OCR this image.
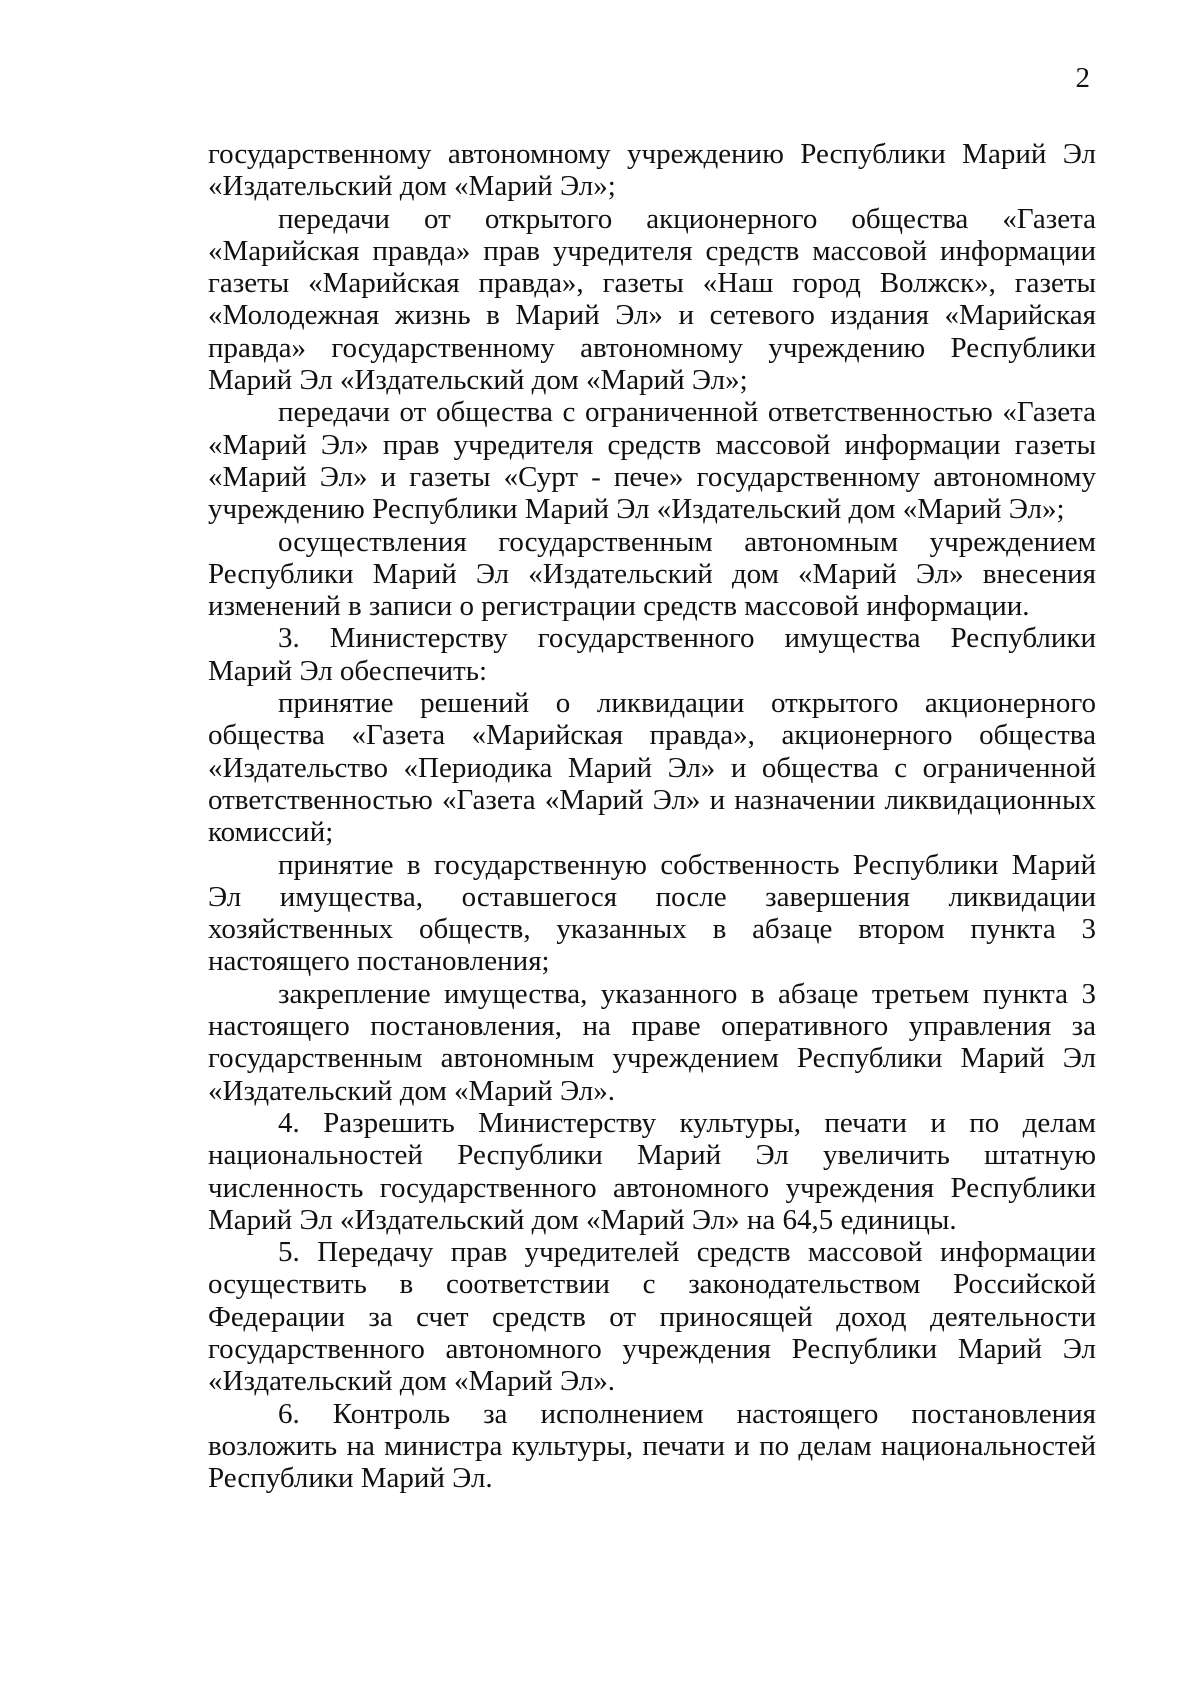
2

государственному автономному учреждению Республики Марий Эл «Издательский дом «Марий Эл»;

передачи от открытого акционерного общества «Газета «Марийская правда» прав учредителя средств массовой информации газеты «Марийская правда», газеты «Наш город Волжск», газеты «Молодежная жизнь в Марий Эл» и сетевого издания «Марийская правда» государственному автономному учреждению Республики Марий Эл «Издательский дом «Марий Эл»;

передачи от общества с ограниченной ответственностью «Газета «Марий Эл» прав учредителя средств массовой информации газеты «Марий Эл» и газеты «Сурт - пече» государственному автономному учреждению Республики Марий Эл «Издательский дом «Марий Эл»;

осуществления государственным автономным учреждением Республики Марий Эл «Издательский дом «Марий Эл» внесения изменений в записи о регистрации средств массовой информации.

3. Министерству государственного имущества Республики Марий Эл обеспечить:

принятие решений о ликвидации открытого акционерного общества «Газета «Марийская правда», акционерного общества «Издательство «Периодика Марий Эл» и общества с ограниченной ответственностью «Газета «Марий Эл» и назначении ликвидационных комиссий;

принятие в государственную собственность Республики Марий Эл имущества, оставшегося после завершения ликвидации хозяйственных обществ, указанных в абзаце втором пункта 3 настоящего постановления;

закрепление имущества, указанного в абзаце третьем пункта 3 настоящего постановления, на праве оперативного управления за государственным автономным учреждением Республики Марий Эл «Издательский дом «Марий Эл».

4. Разрешить Министерству культуры, печати и по делам национальностей Республики Марий Эл увеличить штатную численность государственного автономного учреждения Республики Марий Эл «Издательский дом «Марий Эл» на 64,5 единицы.

5. Передачу прав учредителей средств массовой информации осуществить в соответствии с законодательством Российской Федерации за счет средств от приносящей доход деятельности государственного автономного учреждения Республики Марий Эл «Издательский дом «Марий Эл».

6. Контроль за исполнением настоящего постановления возложить на министра культуры, печати и по делам национальностей Республики Марий Эл.
